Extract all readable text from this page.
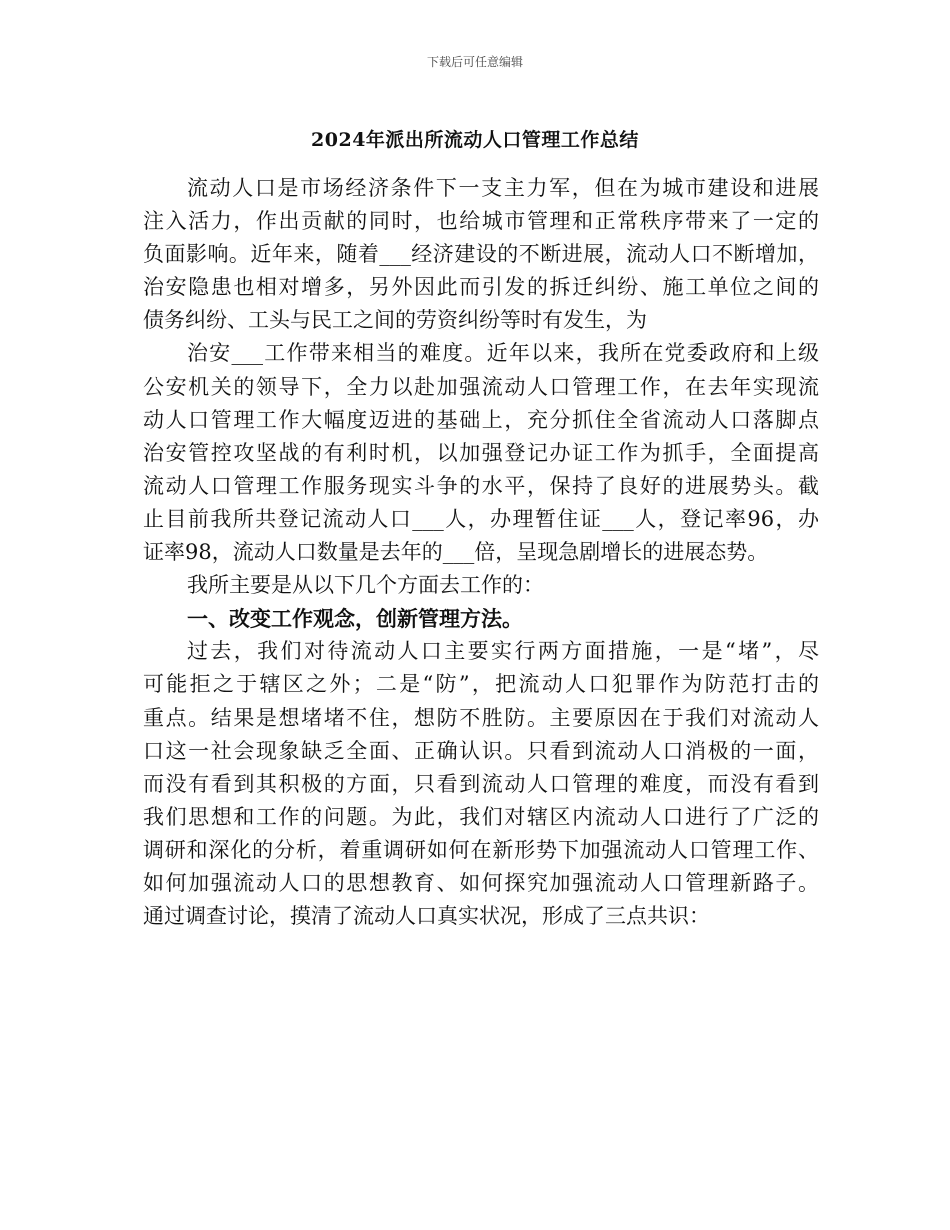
下载后可任意编辑
2024年派出所流动人口管理工作总结
流动人口是市场经济条件下一支主力军，但在为城市建设和进展
注入活力，作出贡献的同时，也给城市管理和正常秩序带来了一定的
负面影响。近年来，随着___经济建设的不断进展，流动人口不断增加，
治安隐患也相对增多，另外因此而引发的拆迁纠纷、施工单位之间的
债务纠纷、工头与民工之间的劳资纠纷等时有发生，为
治安___工作带来相当的难度。近年以来，我所在党委政府和上级
公安机关的领导下，全力以赴加强流动人口管理工作，在去年实现流
动人口管理工作大幅度迈进的基础上，充分抓住全省流动人口落脚点
治安管控攻坚战的有利时机，以加强登记办证工作为抓手，全面提高
流动人口管理工作服务现实斗争的水平，保持了良好的进展势头。截
止目前我所共登记流动人口___人，办理暂住证___人，登记率96，办
证率98，流动人口数量是去年的___倍，呈现急剧增长的进展态势。
我所主要是从以下几个方面去工作的：
一、改变工作观念，创新管理方法。
过去，我们对待流动人口主要实行两方面措施，一是“堵”，尽
可能拒之于辖区之外；二是“防”，把流动人口犯罪作为防范打击的
重点。结果是想堵堵不住，想防不胜防。主要原因在于我们对流动人
口这一社会现象缺乏全面、正确认识。只看到流动人口消极的一面，
而没有看到其积极的方面，只看到流动人口管理的难度，而没有看到
我们思想和工作的问题。为此，我们对辖区内流动人口进行了广泛的
调研和深化的分析，着重调研如何在新形势下加强流动人口管理工作、
如何加强流动人口的思想教育、如何探究加强流动人口管理新路子。
通过调查讨论，摸清了流动人口真实状况，形成了三点共识：
